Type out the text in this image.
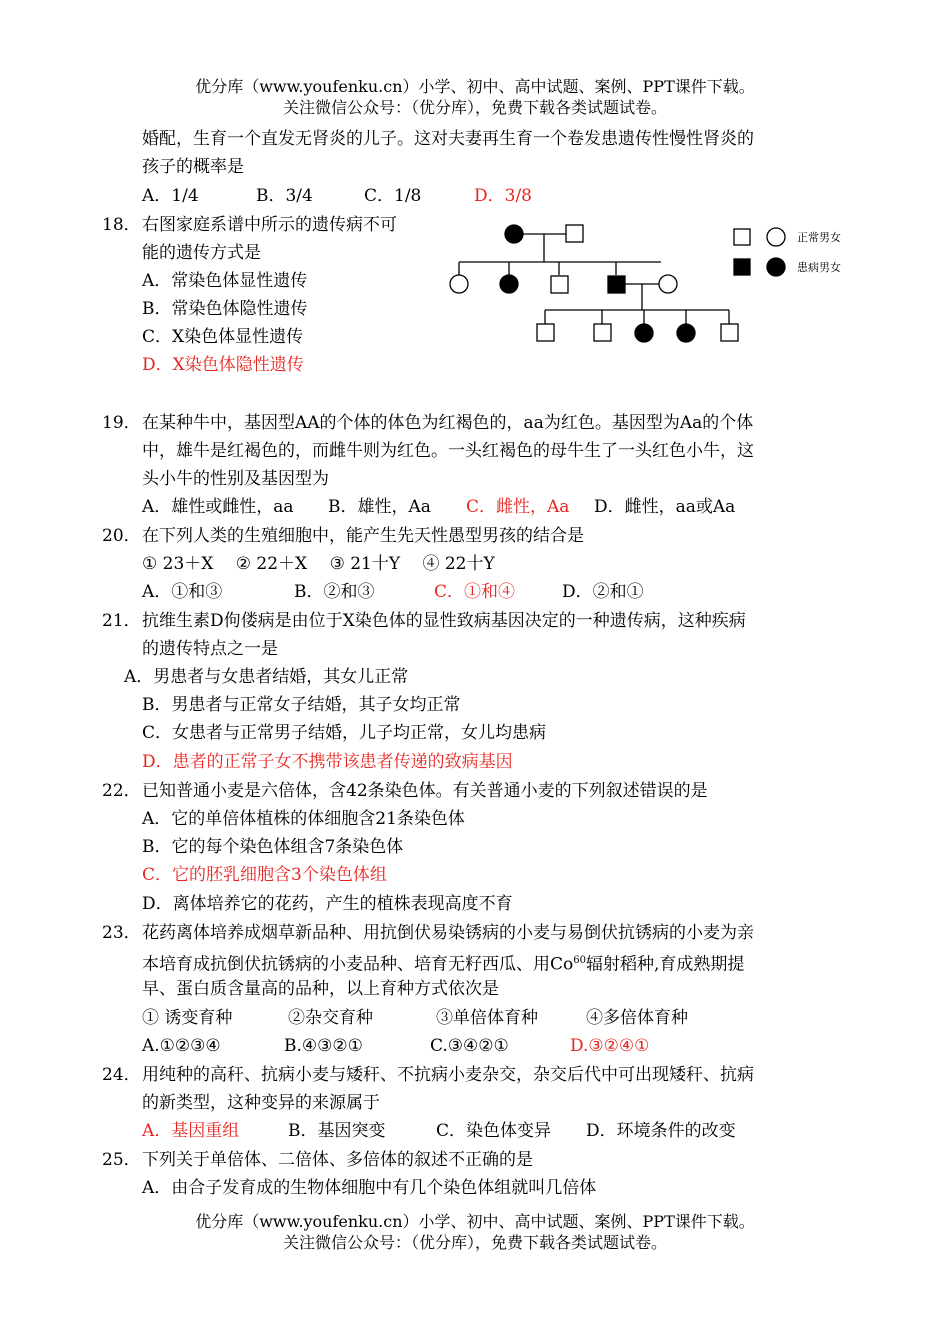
优分库（www.youfenku.cn）小学、初中、高中试题、案例、PPT课件下载。
关注微信公众号：（优分库），免费下载各类试题试卷。
婚配，生育一个直发无肾炎的儿子。这对夫妻再生育一个卷发患遗传性慢性肾炎的
孩子的概率是
A．1/4	B．3/4	C．1/8	D．3/8
18． 右图家庭系谱中所示的遗传病不可
能的遗传方式是
A．常染色体显性遗传
B．常染色体隐性遗传
C．X染色体显性遗传
D．X染色体隐性遗传
正常男女
患病男女
19． 在某种牛中，基因型AA的个体的体色为红褐色的，aa为红色。基因型为Aa的个体
中，雄牛是红褐色的，而雌牛则为红色。一头红褐色的母牛生了一头红色小牛，这
头小牛的性别及基因型为
A．雄性或雌性，aa B．雄性，Aa C．雌性，Aa D．雌性，aa或Aa
20． 在下列人类的生殖细胞中，能产生先天性愚型男孩的结合是
① 23＋X　 ② 22＋X　 ③ 21十Y　 ④ 22十Y
A．①和③	B．②和③	C．①和④	D．②和①
21． 抗维生素D佝偻病是由位于X染色体的显性致病基因决定的一种遗传病，这种疾病
的遗传特点之一是
A．男患者与女患者结婚，其女儿正常
B．男患者与正常女子结婚，其子女均正常
C．女患者与正常男子结婚，儿子均正常，女儿均患病
D．患者的正常子女不携带该患者传递的致病基因
22． 已知普通小麦是六倍体，含42条染色体。有关普通小麦的下列叙述错误的是
A．它的单倍体植株的体细胞含21条染色体
B．它的每个染色体组含7条染色体
C．它的胚乳细胞含3个染色体组
D．离体培养它的花药，产生的植株表现高度不育
23． 花药离体培养成烟草新品种、用抗倒伏易染锈病的小麦与易倒伏抗锈病的小麦为亲
本培育成抗倒伏抗锈病的小麦品种、培育无籽西瓜、用Co$^{60}$辐射稻种,育成熟期提
早、蛋白质含量高的品种，以上育种方式依次是
① 诱变育种	②杂交育种	③单倍体育种	④多倍体育种
A.①②③④	B.④③②①	C.③④②①	D.③②④①
24． 用纯种的高秆、抗病小麦与矮秆、不抗病小麦杂交，杂交后代中可出现矮秆、抗病
的新类型，这种变异的来源属于
A．基因重组	B．基因突变	C．染色体变异 D．环境条件的改变
25． 下列关于单倍体、二倍体、多倍体的叙述不正确的是
A．由合子发育成的生物体细胞中有几个染色体组就叫几倍体
优分库（www.youfenku.cn）小学、初中、高中试题、案例、PPT课件下载。
关注微信公众号：（优分库），免费下载各类试题试卷。
